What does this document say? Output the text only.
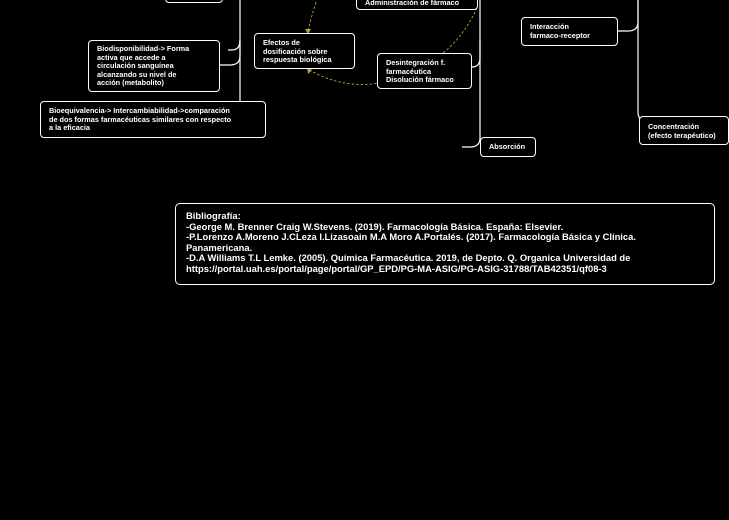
Administración de fármaco
Efectos de
dosificación sobre
respuesta biológica	Desintegración f.
farmacéutica
Disolución fármaco
Biodisponibilidad-> Forma
activa que accede a
circulación sanguínea
alcanzando su nivel de
acción (metabolito)
Bioequivalencia-> Intercambiabilidad->comparación
de dos formas farmacéuticas similares con respecto
a la eficacia
Absorción
Interacción
farmaco-receptor
Concentración
(efecto terapéutico)
Bibliografía:
-George M. Brenner Craig W.Stevens. (2019). Farmacología Básica. España: Elsevier.
-P.Lorenzo A.Moreno J.CLeza I.Lizasoain M.A Moro A.Portalés. (2017). Farmacología Básica y Clínica.
Panamericana.
-D.A Williams T.L Lemke. (2005). Química Farmacéutica. 2019, de Depto. Q. Organica Universidad de
https://portal.uah.es/portal/page/portal/GP_EPD/PG-MA-ASIG/PG-ASIG-31788/TAB42351/qf08-3
